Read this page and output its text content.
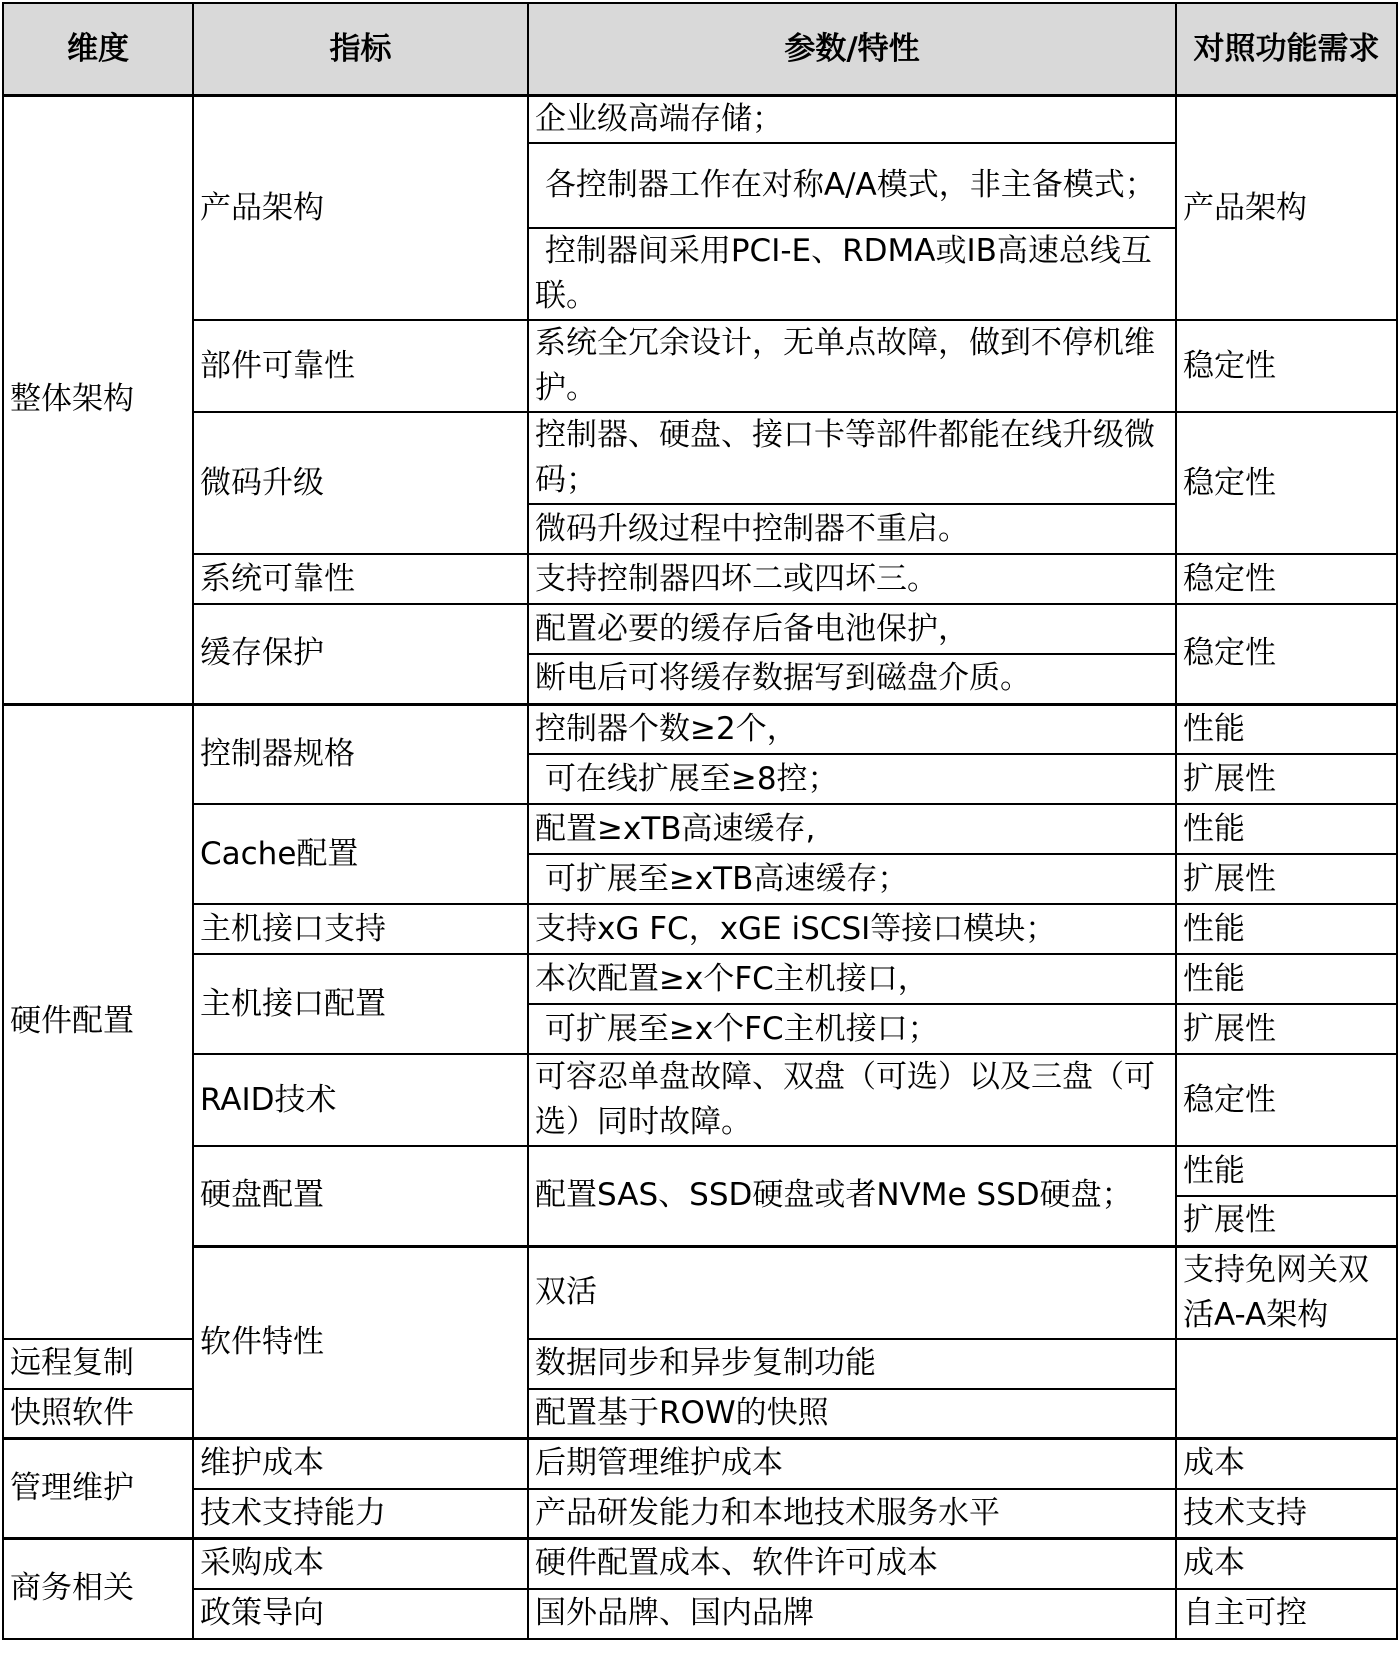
维度	指标	参数/特性	对照功能需求	
整体架构	产品架构	企业级高端存储；	产品架构	
		各控制器工作在对称A/A模式，非主备模式；		
		控制器间采用PCI-E、RDMA或IB高速总线互联。		
	部件可靠性	系统全冗余设计，无单点故障，做到不停机维护。	稳定性	
	微码升级	控制器、硬盘、接口卡等部件都能在线升级微码；	稳定性	
		微码升级过程中控制器不重启。		
	系统可靠性	支持控制器四坏二或四坏三。	稳定性	
	缓存保护	配置必要的缓存后备电池保护，	稳定性	
		断电后可将缓存数据写到磁盘介质。		
硬件配置	控制器规格	控制器个数≥2个，	性能	
		可在线扩展至≥8控；	扩展性	
	Cache配置	配置≥xTB高速缓存,	性能	
		可扩展至≥xTB高速缓存；	扩展性	
	主机接口支持	支持xG FC，xGE iSCSI等接口模块；	性能	
	主机接口配置	本次配置≥x个FC主机接口，	性能	
		可扩展至≥x个FC主机接口；	扩展性	
	RAID技术	可容忍单盘故障、双盘（可选）以及三盘（可选）同时故障。	稳定性	
	硬盘配置	配置SAS、SSD硬盘或者NVMe SSD硬盘；	性能	
			扩展性	
	软件特性	双活	支持免网关双活A-A架构	
远程复制		数据同步和异步复制功能		
快照软件		配置基于ROW的快照		
管理维护	维护成本	后期管理维护成本	成本	
	技术支持能力	产品研发能力和本地技术服务水平	技术支持	
商务相关	采购成本	硬件配置成本、软件许可成本	成本	
	政策导向	国外品牌、国内品牌	自主可控	
